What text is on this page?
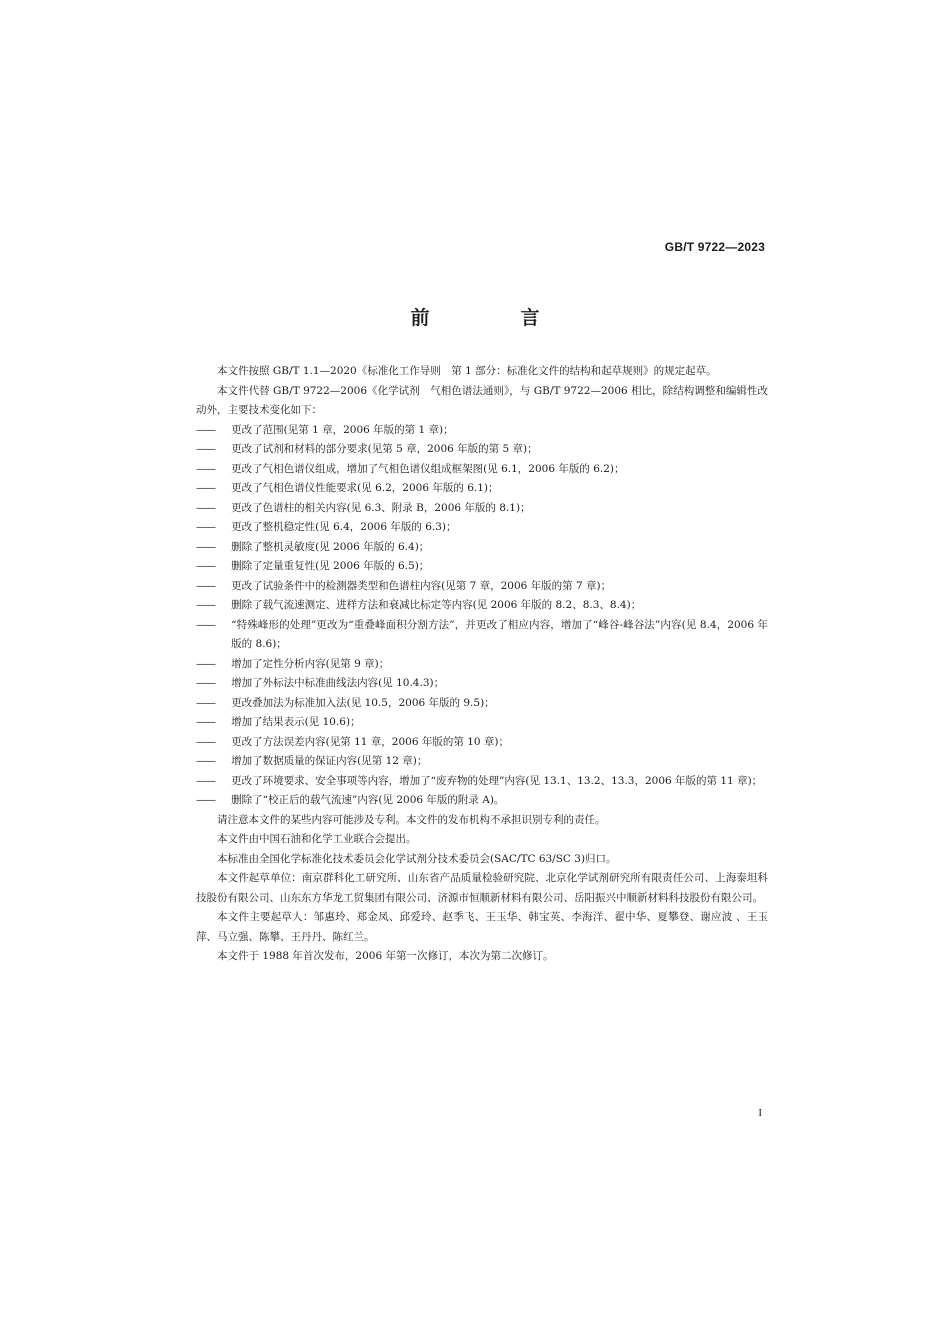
GB/T 9722—2023
前　言

本文件按照 GB/T 1.1—2020《标准化工作导则　第 1 部分：标准化文件的结构和起草规则》的规定起草。

本文件代替 GB/T 9722—2006《化学试剂　气相色谱法通则》，与 GB/T 9722—2006 相比，除结构调整和编辑性改动外，主要技术变化如下：

—— 更改了范围(见第 1 章，2006 年版的第 1 章)；

—— 更改了试剂和材料的部分要求(见第 5 章，2006 年版的第 5 章)；

—— 更改了气相色谱仪组成，增加了气相色谱仪组成框架图(见 6.1，2006 年版的 6.2)；

—— 更改了气相色谱仪性能要求(见 6.2，2006 年版的 6.1)；

—— 更改了色谱柱的相关内容(见 6.3、附录 B，2006 年版的 8.1)；

—— 更改了整机稳定性(见 6.4，2006 年版的 6.3)；

—— 删除了整机灵敏度(见 2006 年版的 6.4)；

—— 删除了定量重复性(见 2006 年版的 6.5)；

—— 更改了试验条件中的检测器类型和色谱柱内容(见第 7 章，2006 年版的第 7 章)；

—— 删除了载气流速测定、进样方法和衰减比标定等内容(见 2006 年版的 8.2、8.3、8.4)；

—— “特殊峰形的处理”更改为“重叠峰面积分割方法”，并更改了相应内容，增加了“峰谷-峰谷法”内容(见 8.4，2006 年版的 8.6)；

—— 增加了定性分析内容(见第 9 章)；

—— 增加了外标法中标准曲线法内容(见 10.4.3)；

—— 更改叠加法为标准加入法(见 10.5，2006 年版的 9.5)；

—— 增加了结果表示(见 10.6)；

—— 更改了方法误差内容(见第 11 章，2006 年版的第 10 章)；

—— 增加了数据质量的保证内容(见第 12 章)；

—— 更改了环境要求、安全事项等内容，增加了“废弃物的处理”内容(见 13.1、13.2、13.3，2006 年版的第 11 章)；

—— 删除了“校正后的载气流速”内容(见 2006 年版的附录 A)。

请注意本文件的某些内容可能涉及专利。本文件的发布机构不承担识别专利的责任。

本文件由中国石油和化学工业联合会提出。

本标准由全国化学标准化技术委员会化学试剂分技术委员会(SAC/TC 63/SC 3)归口。

本文件起草单位：南京群科化工研究所、山东省产品质量检验研究院、北京化学试剂研究所有限责任公司、上海泰坦科技股份有限公司、山东东方华龙工贸集团有限公司、济源市恒顺新材料有限公司、岳阳振兴中顺新材料科技股份有限公司。

本文件主要起草人：邹惠玲、郑金凤、邱爱玲、赵季飞、王玉华、韩宝英、李海洋、翟中华、夏攀登、谢应波 、王玉萍、马立强、陈攀、王丹丹、陈红兰。

本文件于 1988 年首次发布，2006 年第一次修订，本次为第二次修订。

I
